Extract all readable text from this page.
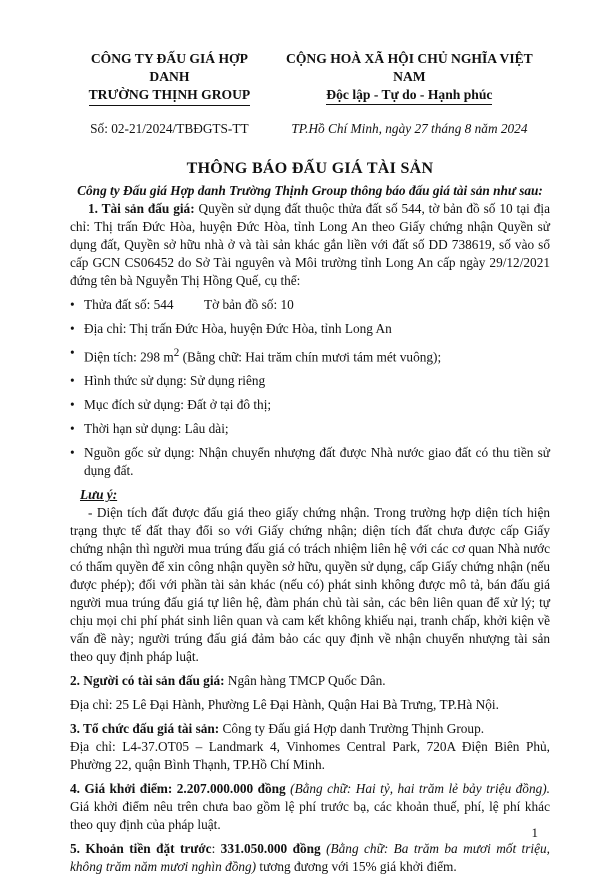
CÔNG TY ĐẤU GIÁ HỢP DANH
TRƯỜNG THỊNH GROUP
CỘNG HOÀ XÃ HỘI CHỦ NGHĨA VIỆT NAM
Độc lập - Tự do - Hạnh phúc
Số: 02-21/2024/TBĐGTS-TT	TP.Hồ Chí Minh, ngày 27 tháng 8 năm 2024
THÔNG BÁO ĐẤU GIÁ TÀI SẢN
Công ty Đấu giá Hợp danh Trường Thịnh Group thông báo đấu giá tài sản như sau:

1. Tài sản đấu giá: Quyền sử dụng đất thuộc thửa đất số 544, tờ bản đồ số 10 tại địa chỉ: Thị trấn Đức Hòa, huyện Đức Hòa, tỉnh Long An theo Giấy chứng nhận Quyền sử dụng đất, Quyền sở hữu nhà ở và tài sản khác gắn liền với đất số DD 738619, số vào sổ cấp GCN CS06452 do Sở Tài nguyên và Môi trường tỉnh Long An cấp ngày 29/12/2021 đứng tên bà Nguyễn Thị Hồng Quế, cụ thể:

• Thửa đất số: 544 Tờ bản đồ số: 10
• Địa chỉ: Thị trấn Đức Hòa, huyện Đức Hòa, tỉnh Long An
• Diện tích: 298 $m^2$ (Bằng chữ: Hai trăm chín mươi tám mét vuông);
• Hình thức sử dụng: Sử dụng riêng
• Mục đích sử dụng: Đất ở tại đô thị;
• Thời hạn sử dụng: Lâu dài;
• Nguồn gốc sử dụng: Nhận chuyển nhượng đất được Nhà nước giao đất có thu tiền sử dụng đất.
Lưu ý:

- Diện tích đất được đấu giá theo giấy chứng nhận. Trong trường hợp diện tích hiện trạng thực tế đất thay đổi so với Giấy chứng nhận; diện tích đất chưa được cấp Giấy chứng nhận thì người mua trúng đấu giá có trách nhiệm liên hệ với các cơ quan Nhà nước có thẩm quyền để xin công nhận quyền sở hữu, quyền sử dụng, cấp Giấy chứng nhận (nếu được phép); đối với phần tài sản khác (nếu có) phát sinh không được mô tả, bán đấu giá người mua trúng đấu giá tự liên hệ, đàm phán chủ tài sản, các bên liên quan để xử lý; tự chịu mọi chi phí phát sinh liên quan và cam kết không khiếu nại, tranh chấp, khởi kiện về vấn đề này; người trúng đấu giá đảm bảo các quy định về nhận chuyển nhượng tài sản theo quy định pháp luật.

2. Người có tài sản đấu giá: Ngân hàng TMCP Quốc Dân.

Địa chỉ: 25 Lê Đại Hành, Phường Lê Đại Hành, Quận Hai Bà Trưng, TP.Hà Nội.

3. Tổ chức đấu giá tài sản: Công ty Đấu giá Hợp danh Trường Thịnh Group.

Địa chỉ: L4-37.OT05 – Landmark 4, Vinhomes Central Park, 720A Điện Biên Phủ, Phường 22, quận Bình Thạnh, TP.Hồ Chí Minh.

4. Giá khởi điểm: 2.207.000.000 đồng (Bằng chữ: Hai tỷ, hai trăm lẻ bảy triệu đồng). Giá khởi điểm nêu trên chưa bao gồm lệ phí trước bạ, các khoản thuế, phí, lệ phí khác theo quy định của pháp luật.

5. Khoản tiền đặt trước: 331.050.000 đồng (Bằng chữ: Ba trăm ba mươi mốt triệu, không trăm năm mươi nghìn đồng) tương đương với 15% giá khởi điểm.

1
